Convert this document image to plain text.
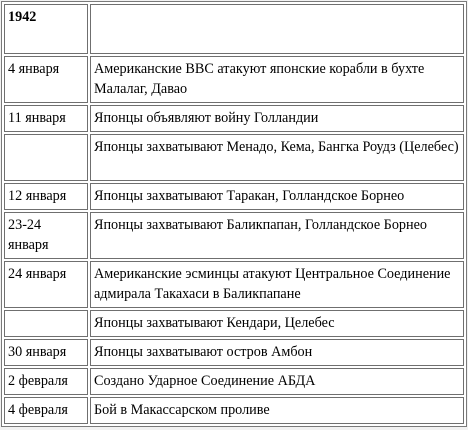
1942	
4 января	Американские ВВС атакуют японские корабли в бухте Малалаг, Давао
11 января	Японцы объявляют войну Голландии
	Японцы захватывают Менадо, Кема, Бангка Роудз (Целебес)
12 января	Японцы захватывают Таракан, Голландское Борнео
23-24 января	Японцы захватывают Баликпапан, Голландское Борнео
24 января	Американские эсминцы атакуют Центральное Соединение адмирала Такахаси в Баликпапане
	Японцы захватывают Кендари, Целебес
30 января	Японцы захватывают остров Амбон
2 февраля	Создано Ударное Соединение АБДА
4 февраля	Бой в Макассарском проливе
